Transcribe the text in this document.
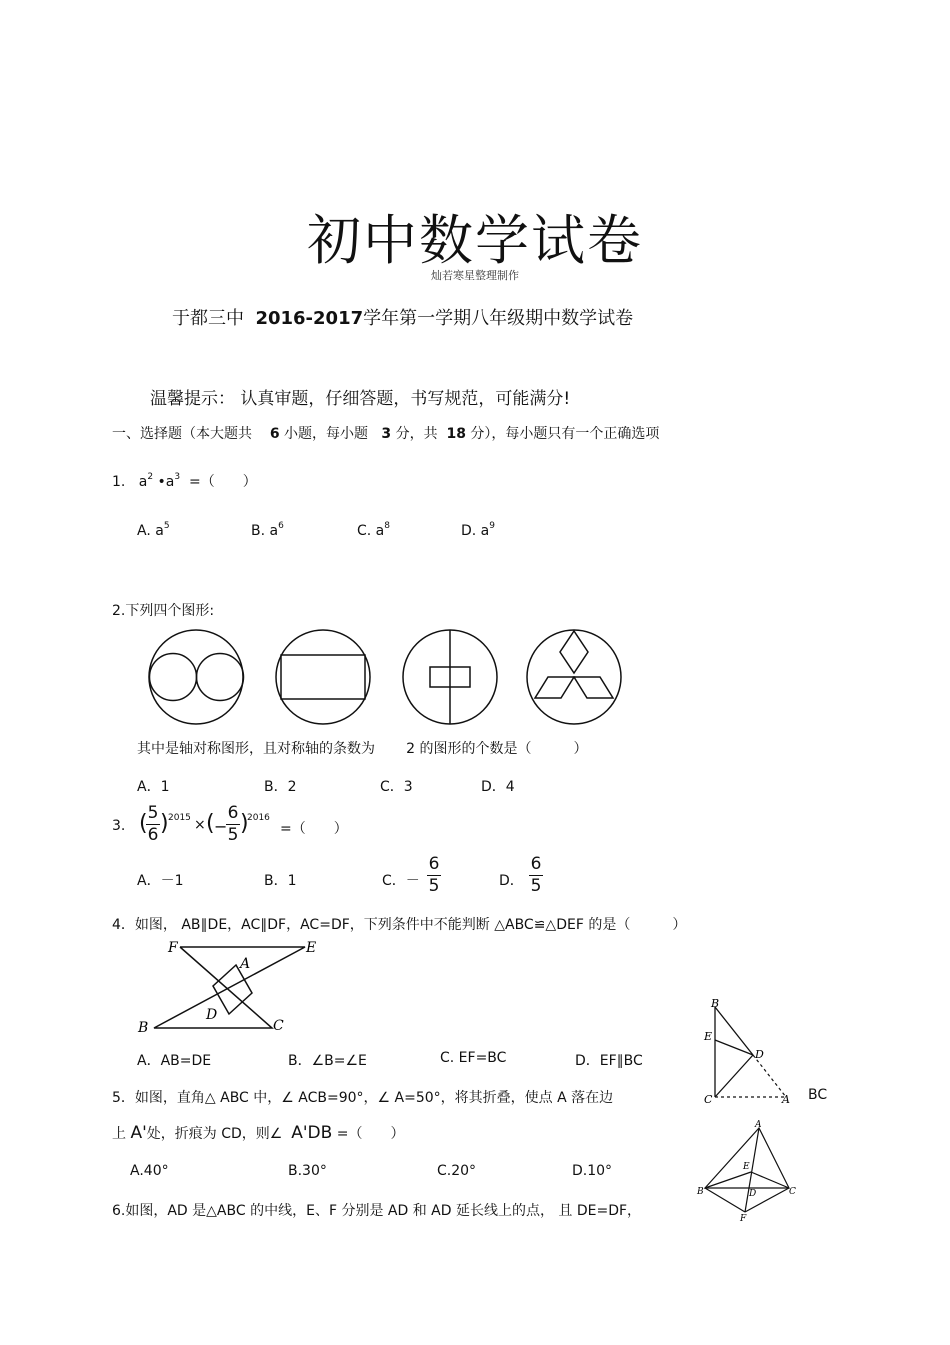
初中数学试卷
灿若寒星整理制作
于都三中 2016-2017学年第一学期八年级期中数学试卷
温馨提示： 认真审题，仔细答题，书写规范，可能满分!
一、选择题（本大题共 6 小题，每小题 3 分，共 18 分），每小题只有一个正确选项
1. $a^2$ $•a^3$ =（　　）
A. $a^5$	B. $a^6$	C. $a^8$	D. $a^9$
2.下列四个图形:
其中是轴对称图形，且对称轴的条数为 2 的图形的个数是（　　　）
A．1	B．2	C．3	D．4
3. ( 5
6 ) 2015 × ( −
6
5 )
2016
=（　　）
A．－1	B．1	C．－
6
5	D．
6
5
4．如图， AB∥DE，AC∥DF，AC=DF，下列条件中不能判断 △ABC≌△DEF 的是（　　　）
F	E
A
D
B	C
A．AB=DE	B．∠B=∠E	C. EF=BC	D．EF∥BC
B
E
D
C	A
5．如图，直角△ ABC 中，∠ ACB=90°，∠ A=50°，将其折叠，使点 A 落在边	BC
上 A'处，折痕为 CD，则∠ A'DB =（　　）
A.40°	B.30°	C.20°	D.10°
A
E
B	D	C
F
6.如图，AD 是△ABC 的中线，E、F 分别是 AD 和 AD 延长线上的点， 且 DE=DF，
